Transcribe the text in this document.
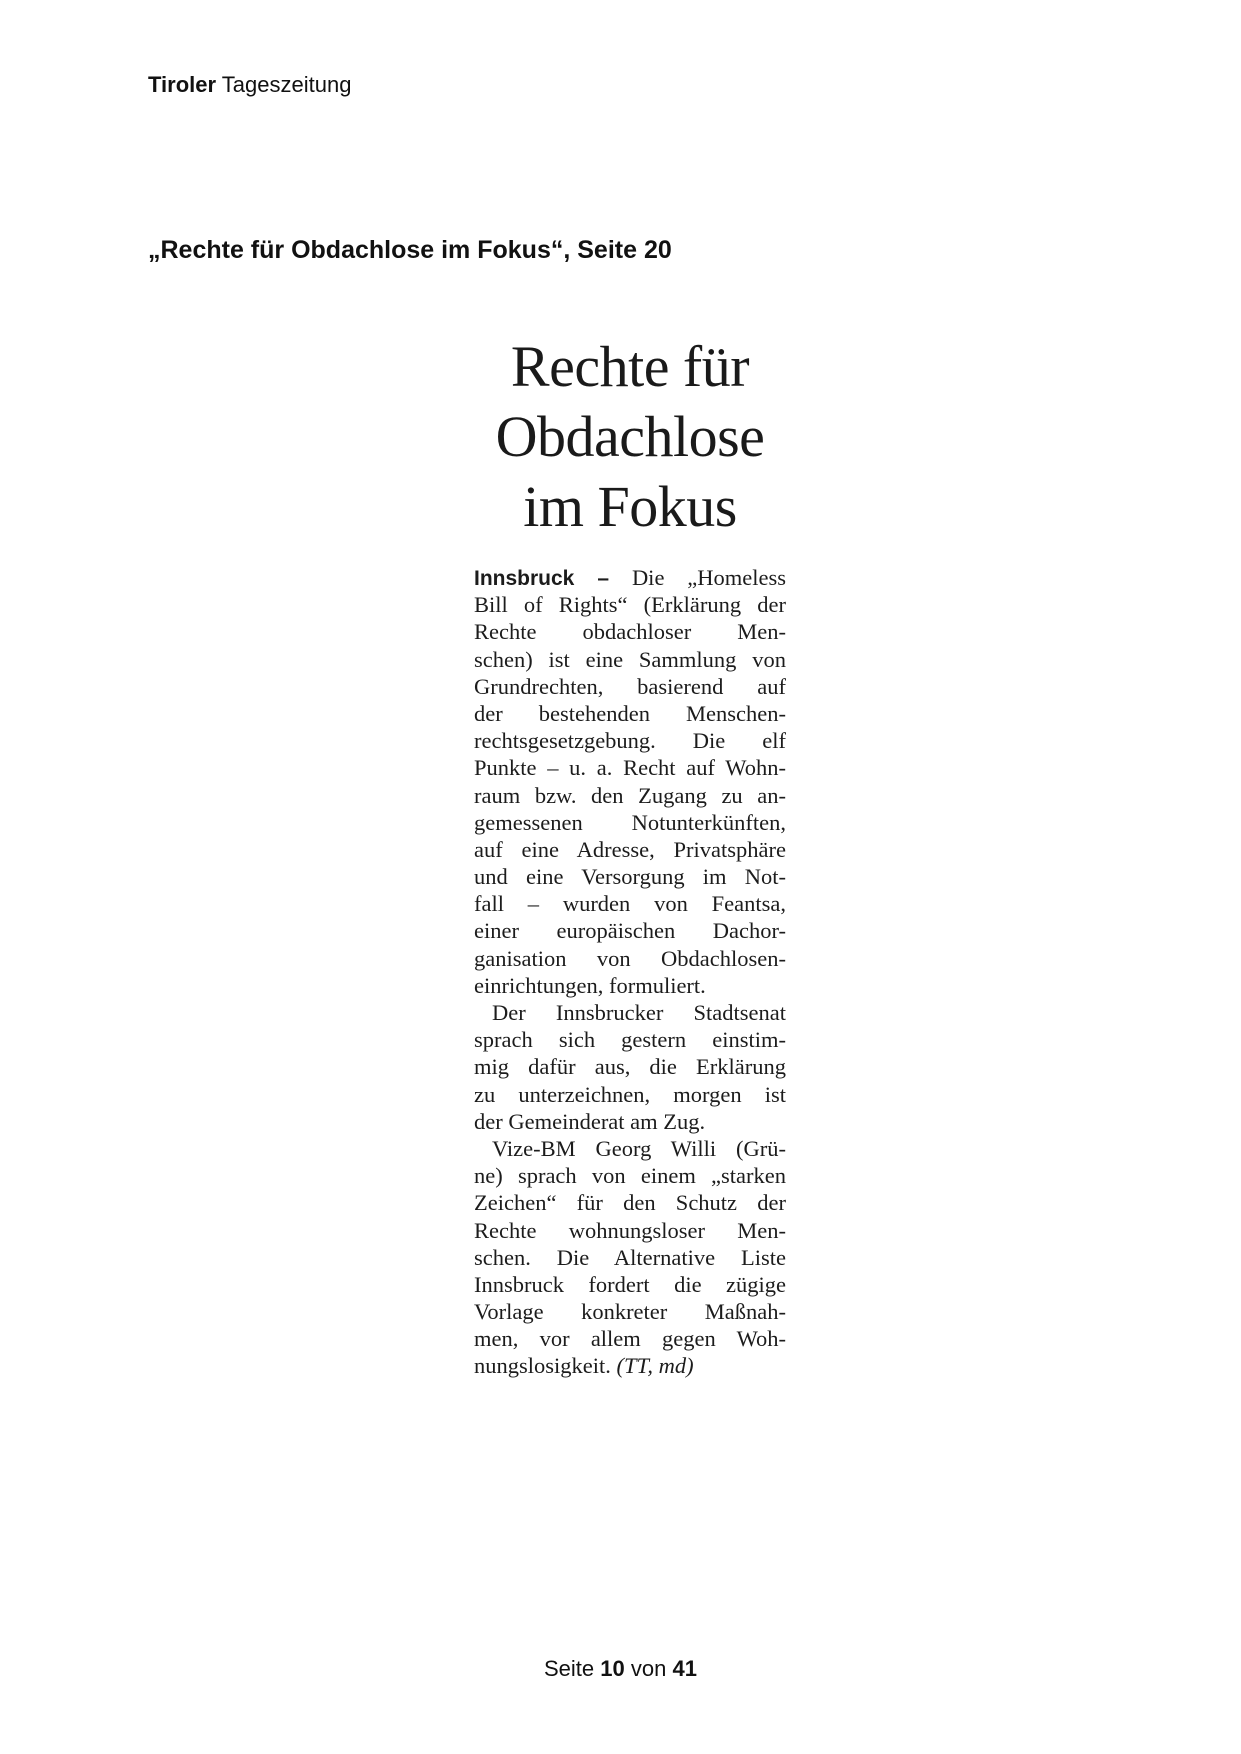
Tiroler Tageszeitung
„Rechte für Obdachlose im Fokus“, Seite 20
Rechte für
Obdachlose
im Fokus
Innsbruck – Die „Homeless
Bill of Rights“ (Erklärung der
Rechte obdachloser Men-
schen) ist eine Sammlung von
Grundrechten, basierend auf
der bestehenden Menschen-
rechtsgesetzgebung. Die elf
Punkte – u. a. Recht auf Wohn-
raum bzw. den Zugang zu an-
gemessenen Notunterkünften,
auf eine Adresse, Privatsphäre
und eine Versorgung im Not-
fall – wurden von Feantsa,
einer europäischen Dachor-
ganisation von Obdachlosen-
einrichtungen, formuliert.
Der Innsbrucker Stadtsenat
sprach sich gestern einstim-
mig dafür aus, die Erklärung
zu unterzeichnen, morgen ist
der Gemeinderat am Zug.
Vize-BM Georg Willi (Grü-
ne) sprach von einem „starken
Zeichen“ für den Schutz der
Rechte wohnungsloser Men-
schen. Die Alternative Liste
Innsbruck fordert die zügige
Vorlage konkreter Maßnah-
men, vor allem gegen Woh-
nungslosigkeit. (TT, md)
Seite 10 von 41
